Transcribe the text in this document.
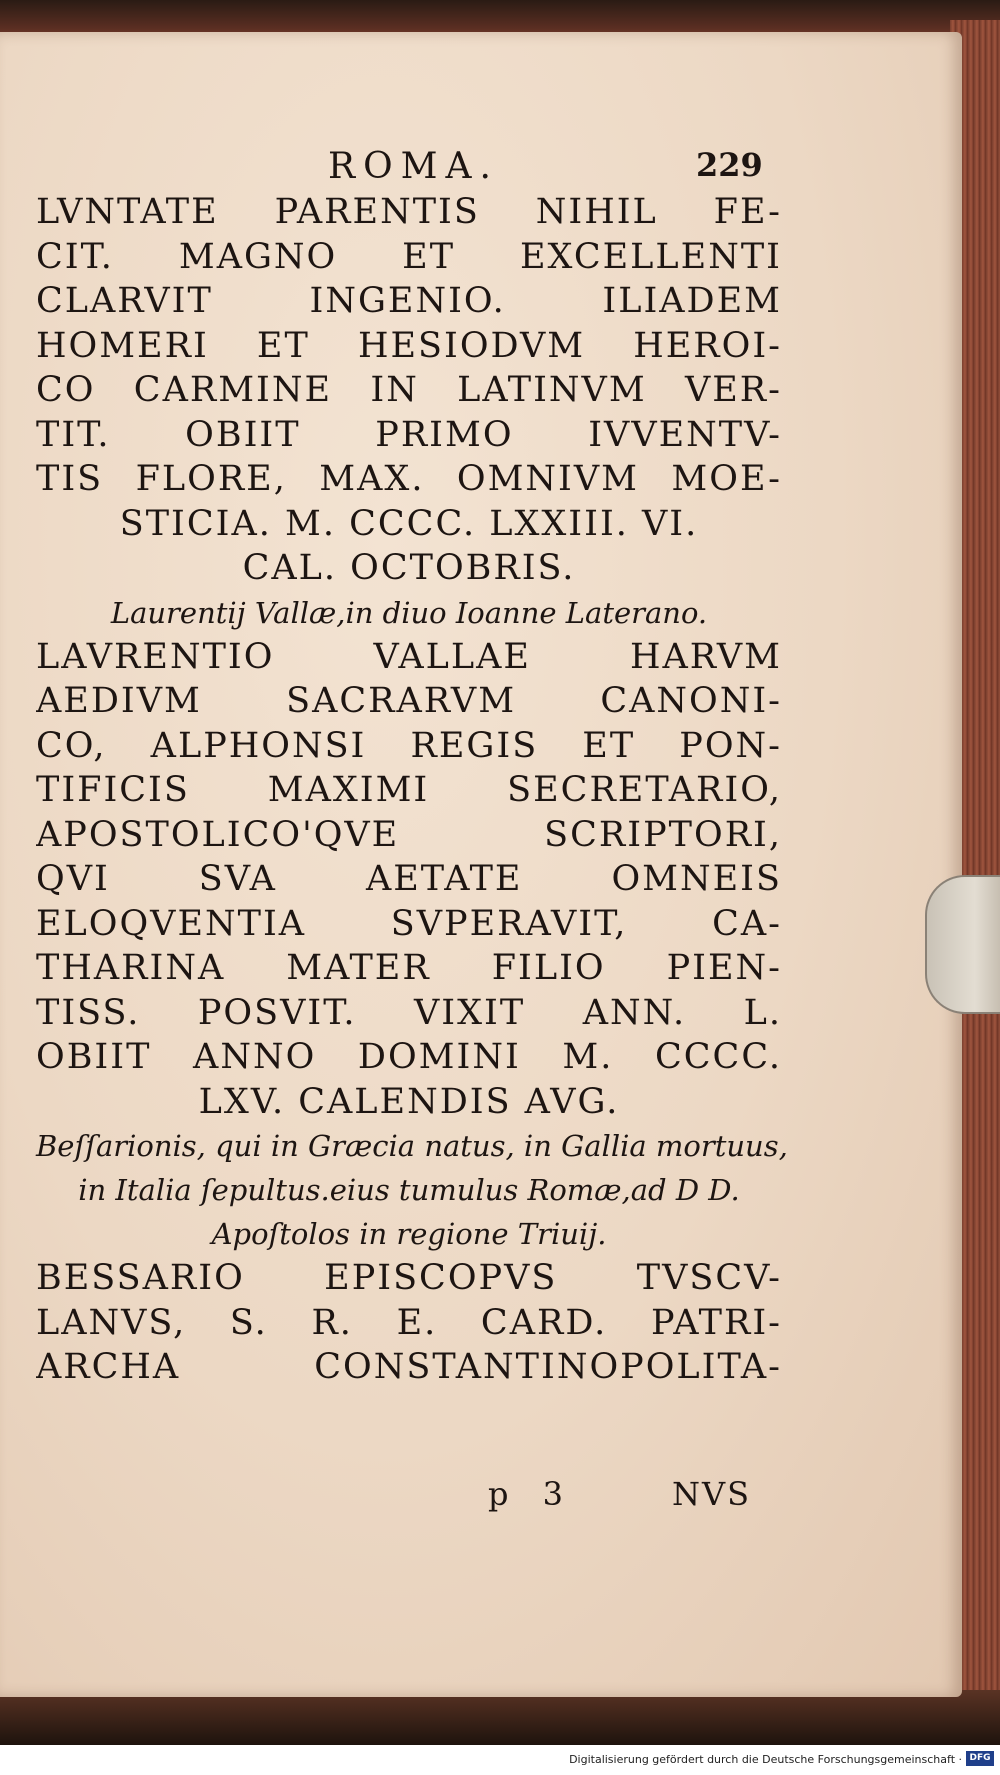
ROMA.	229
LVNTATE PARENTIS NIHIL FE-
CIT. MAGNO ET EXCELLENTI
CLARVIT INGENIO. ILIADEM
HOMERI ET HESIODVM HEROI-
CO CARMINE IN LATINVM VER-
TIT. OBIIT PRIMO IVVENTV-
TIS FLORE, MAX. OMNIVM MOE-
STICIA. M. CCCC. LXXIII. VI.
CAL. OCTOBRIS.
Laurentij Vallæ,in diuo Ioanne Laterano.
LAVRENTIO VALLAE HARVM
AEDIVM SACRARVM CANONI-
CO, ALPHONSI REGIS ET PON-
TIFICIS MAXIMI SECRETARIO,
APOSTOLICO'QVE SCRIPTORI,
QVI SVA AETATE OMNEIS
ELOQVENTIA SVPERAVIT, CA-
THARINA MATER FILIO PIEN-
TISS. POSVIT. VIXIT ANN. L.
OBIIT ANNO DOMINI M. CCCC.
LXV. CALENDIS AVG.
Beſſarionis, qui in Græcia natus, in Gallia mortuus,
in Italia ſepultus.eius tumulus Romæ,ad D D.
Apoſtolos in regione Triuij.
BESSARIO EPISCOPVS TVSCV-
LANVS, S. R. E. CARD. PATRI-
ARCHA CONSTANTINOPOLITA-
p 3	NVS
Digitalisierung gefördert durch die Deutsche Forschungsgemeinschaft · DFG
